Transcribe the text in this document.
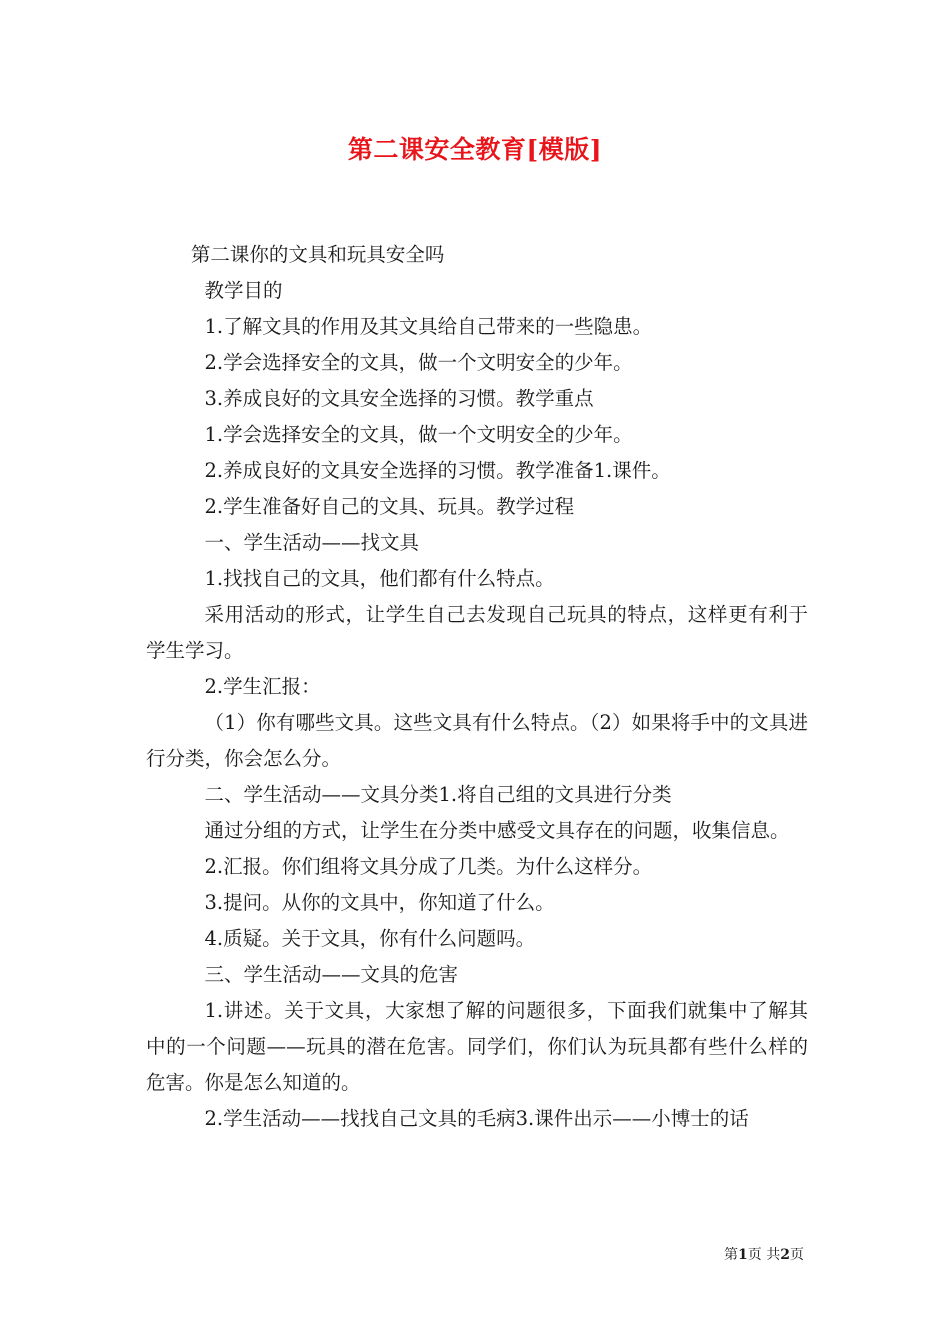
第二课安全教育[模版]

第二课你的文具和玩具安全吗

教学目的

1.了解文具的作用及其文具给自己带来的一些隐患。

2.学会选择安全的文具，做一个文明安全的少年。

3.养成良好的文具安全选择的习惯。教学重点

1.学会选择安全的文具，做一个文明安全的少年。

2.养成良好的文具安全选择的习惯。教学准备1.课件。

2.学生准备好自己的文具、玩具。教学过程

一、学生活动——找文具

1.找找自己的文具，他们都有什么特点。

采用活动的形式，让学生自己去发现自己玩具的特点，这样更有利于学生学习。

2.学生汇报：

（1）你有哪些文具。这些文具有什么特点。（2）如果将手中的文具进行分类，你会怎么分。

二、学生活动——文具分类1.将自己组的文具进行分类

通过分组的方式，让学生在分类中感受文具存在的问题，收集信息。

2.汇报。你们组将文具分成了几类。为什么这样分。

3.提问。从你的文具中，你知道了什么。

4.质疑。关于文具，你有什么问题吗。

三、学生活动——文具的危害

1.讲述。关于文具，大家想了解的问题很多，下面我们就集中了解其中的一个问题——玩具的潜在危害。同学们，你们认为玩具都有些什么样的危害。你是怎么知道的。

2.学生活动——找找自己文具的毛病3.课件出示——小博士的话

第1页 共2页
